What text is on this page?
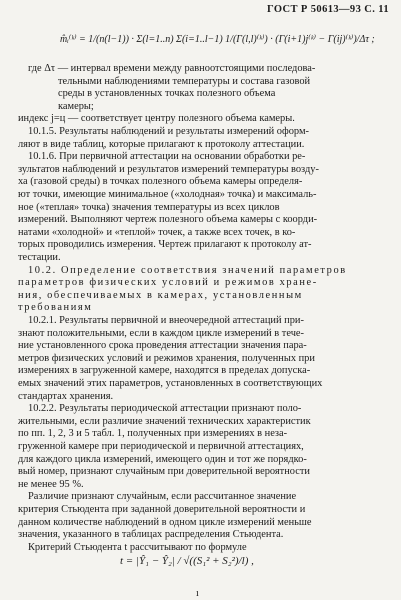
ГОСТ Р 50613—93 С. 11
m̂ᵢ⁽ᵏ⁾ = 1/(n(l−1)) · Σ(l=1..n) Σ(i=1..l−1) 1/(Γ(l,l)⁽ᵏ⁾) · (Γ(i+1)j⁽ᵏ⁾ − Γ(ij)⁽ᵏ⁾)/Δτ ;
где Δτ — интервал времени между равноотстоящими последова-
тельными наблюдениями температуры и состава газовой
среды в установленных точках полезного объема
камеры;
индекс j=ц — соответствует центру полезного объема камеры.
10.1.5. Результаты наблюдений и результаты измерений оформ-
ляют в виде таблиц, которые прилагают к протоколу аттестации.
10.1.6. При первичной аттестации на основании обработки ре-
зультатов наблюдений и результатов измерений температуры возду-
ха (газовой среды) в точках полезного объема камеры определя-
ют точки, имеющие минимальное («холодная» точка) и максималь-
ное («теплая» точка) значения температуры из всех циклов
измерений. Выполняют чертеж полезного объема камеры с коорди-
натами «холодной» и «теплой» точек, а также всех точек, в ко-
торых проводились измерения. Чертеж прилагают к протоколу ат-
тестации.
10.2. Определение соответствия значений параметров
параметров физических условий и режимов хране-
ния, обеспечиваемых в камерах, установленным
требованиям
10.2.1. Результаты первичной и внеочередной аттестаций при-
знают положительными, если в каждом цикле измерений в тече-
ние установленного срока проведения аттестации значения пара-
метров физических условий и режимов хранения, полученных при
измерениях в загруженной камере, находятся в пределах допуска-
емых значений этих параметров, установленных в соответствующих
стандартах хранения.
10.2.2. Результаты периодической аттестации признают поло-
жительными, если различие значений технических характеристик
по пп. 1, 2, 3 и 5 табл. 1, полученных при измерениях в неза-
груженной камере при периодической и первичной аттестациях,
для каждого цикла измерений, имеющего один и тот же порядко-
вый номер, признают случайным при доверительной вероятности
не менее 95 %.
Различие признают случайным, если рассчитанное значение
критерия Стьюдента при заданной доверительной вероятности и
данном количестве наблюдений в одном цикле измерений меньше
значения, указанного в таблицах распределения Стьюдента.
Критерий Стьюдента t рассчитывают по формуле
t = |Ŷ₁ − Ŷ₂| / √((S₁² + S₂²)/l) ,
ı
